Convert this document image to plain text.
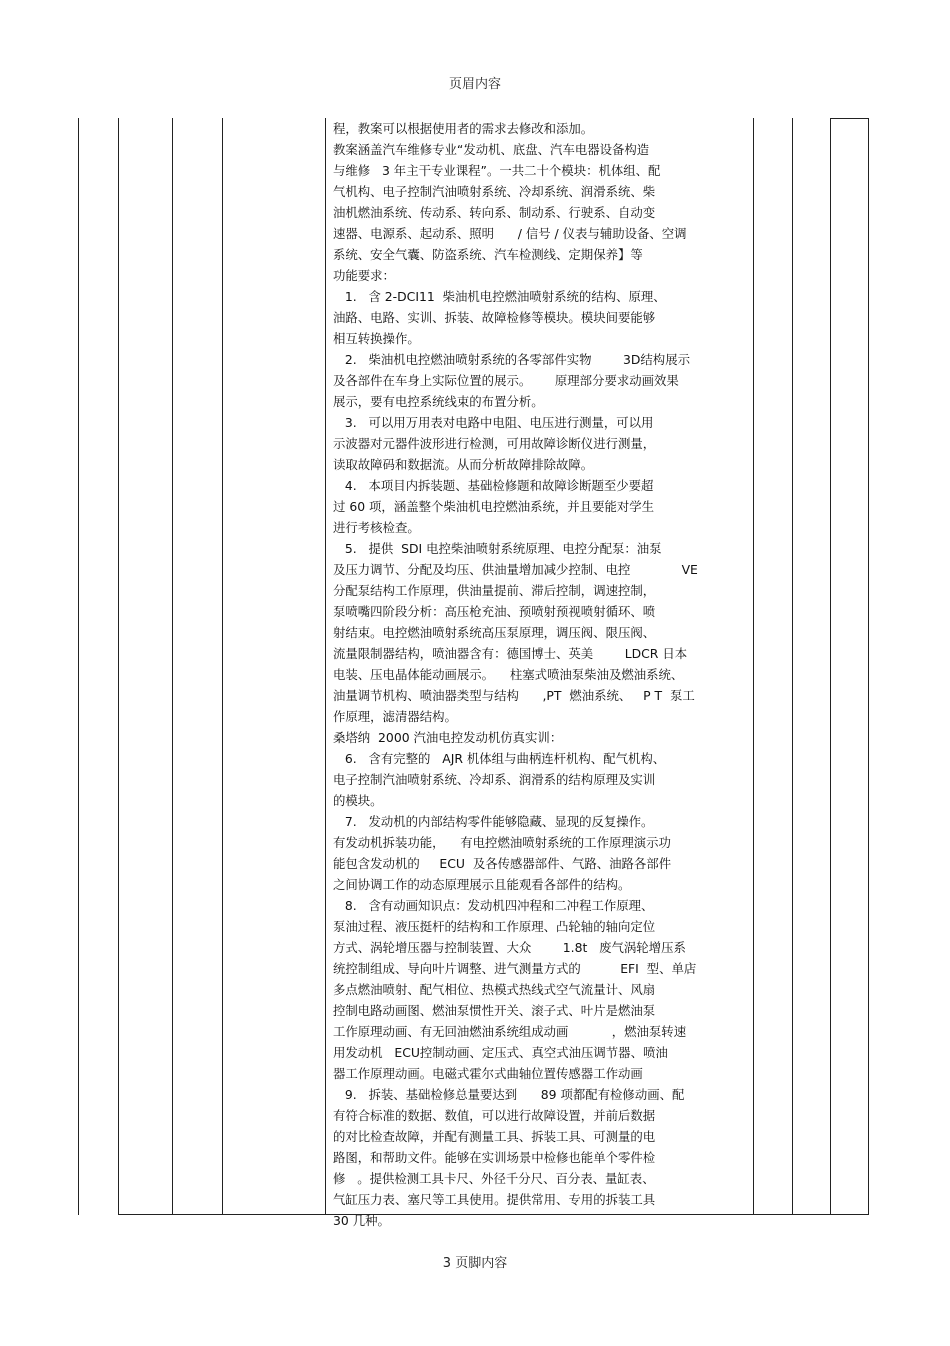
页眉内容
程，教案可以根据使用者的需求去修改和添加。
教案涵盖汽车维修专业“发动机、底盘、汽车电器设备构造
与维修   3 年主干专业课程”。一共二十个模块：机体组、配
气机构、电子控制汽油喷射系统、冷却系统、润滑系统、柴
油机燃油系统、传动系、转向系、制动系、行驶系、自动变
速器、电源系、起动系、照明      / 信号 / 仪表与辅助设备、空调
系统、安全气囊、防盗系统、汽车检测线、定期保养】等
功能要求：
1.   含 2-DCI11  柴油机电控燃油喷射系统的结构、原理、
油路、电路、实训、拆装、故障检修等模块。模块间要能够
相互转换操作。
2.   柴油机电控燃油喷射系统的各零部件实物        3D结构展示
及各部件在车身上实际位置的展示。      原理部分要求动画效果
展示，要有电控系统线束的布置分析。
3.   可以用万用表对电路中电阻、电压进行测量，可以用
示波器对元器件波形进行检测，可用故障诊断仪进行测量，
读取故障码和数据流。从而分析故障排除故障。
4.   本项目内拆装题、基础检修题和故障诊断题至少要超
过 60 项，涵盖整个柴油机电控燃油系统，并且要能对学生
进行考核检查。
5.   提供  SDI 电控柴油喷射系统原理、电控分配泵：油泵
及压力调节、分配及均压、供油量增加减少控制、电控             VE
分配泵结构工作原理，供油量提前、滞后控制，调速控制，
泵喷嘴四阶段分析：高压枪充油、预喷射预视喷射循环、喷
射结束。电控燃油喷射系统高压泵原理，调压阀、限压阀、
流量限制器结构，喷油器含有：德国博士、英美        LDCR 日本
电装、压电晶体能动画展示。    柱塞式喷油泵柴油及燃油系统、
油量调节机构、喷油器类型与结构      ,PT  燃油系统、   P T  泵工
作原理，滤清器结构。
桑塔纳  2000 汽油电控发动机仿真实训：
6.   含有完整的   AJR 机体组与曲柄连杆机构、配气机构、
电子控制汽油喷射系统、冷却系、润滑系的结构原理及实训
的模块。
7.   发动机的内部结构零件能够隐藏、显现的反复操作。
有发动机拆装功能，    有电控燃油喷射系统的工作原理演示功
能包含发动机的     ECU  及各传感器部件、气路、油路各部件
之间协调工作的动态原理展示且能观看各部件的结构。
8.   含有动画知识点：发动机四冲程和二冲程工作原理、
泵油过程、液压挺杆的结构和工作原理、凸轮轴的轴向定位
方式、涡轮增压器与控制装置、大众        1.8t   废气涡轮增压系
统控制组成、导向叶片调整、进气测量方式的          EFI  型、单店
多点燃油喷射、配气相位、热模式热线式空气流量计、风扇
控制电路动画图、燃油泵惯性开关、滚子式、叶片是燃油泵
工作原理动画、有无回油燃油系统组成动画           ，燃油泵转速
用发动机   ECU控制动画、定压式、真空式油压调节器、喷油
器工作原理动画。电磁式霍尔式曲轴位置传感器工作动画
9.   拆装、基础检修总量要达到      89 项都配有检修动画、配
有符合标准的数据、数值，可以进行故障设置，并前后数据
的对比检查故障，并配有测量工具、拆装工具、可测量的电
路图，和帮助文件。能够在实训场景中检修也能单个零件检
修   。提供检测工具卡尺、外径千分尺、百分表、量缸表、
气缸压力表、塞尺等工具使用。提供常用、专用的拆装工具
30 几种。
3 页脚内容
